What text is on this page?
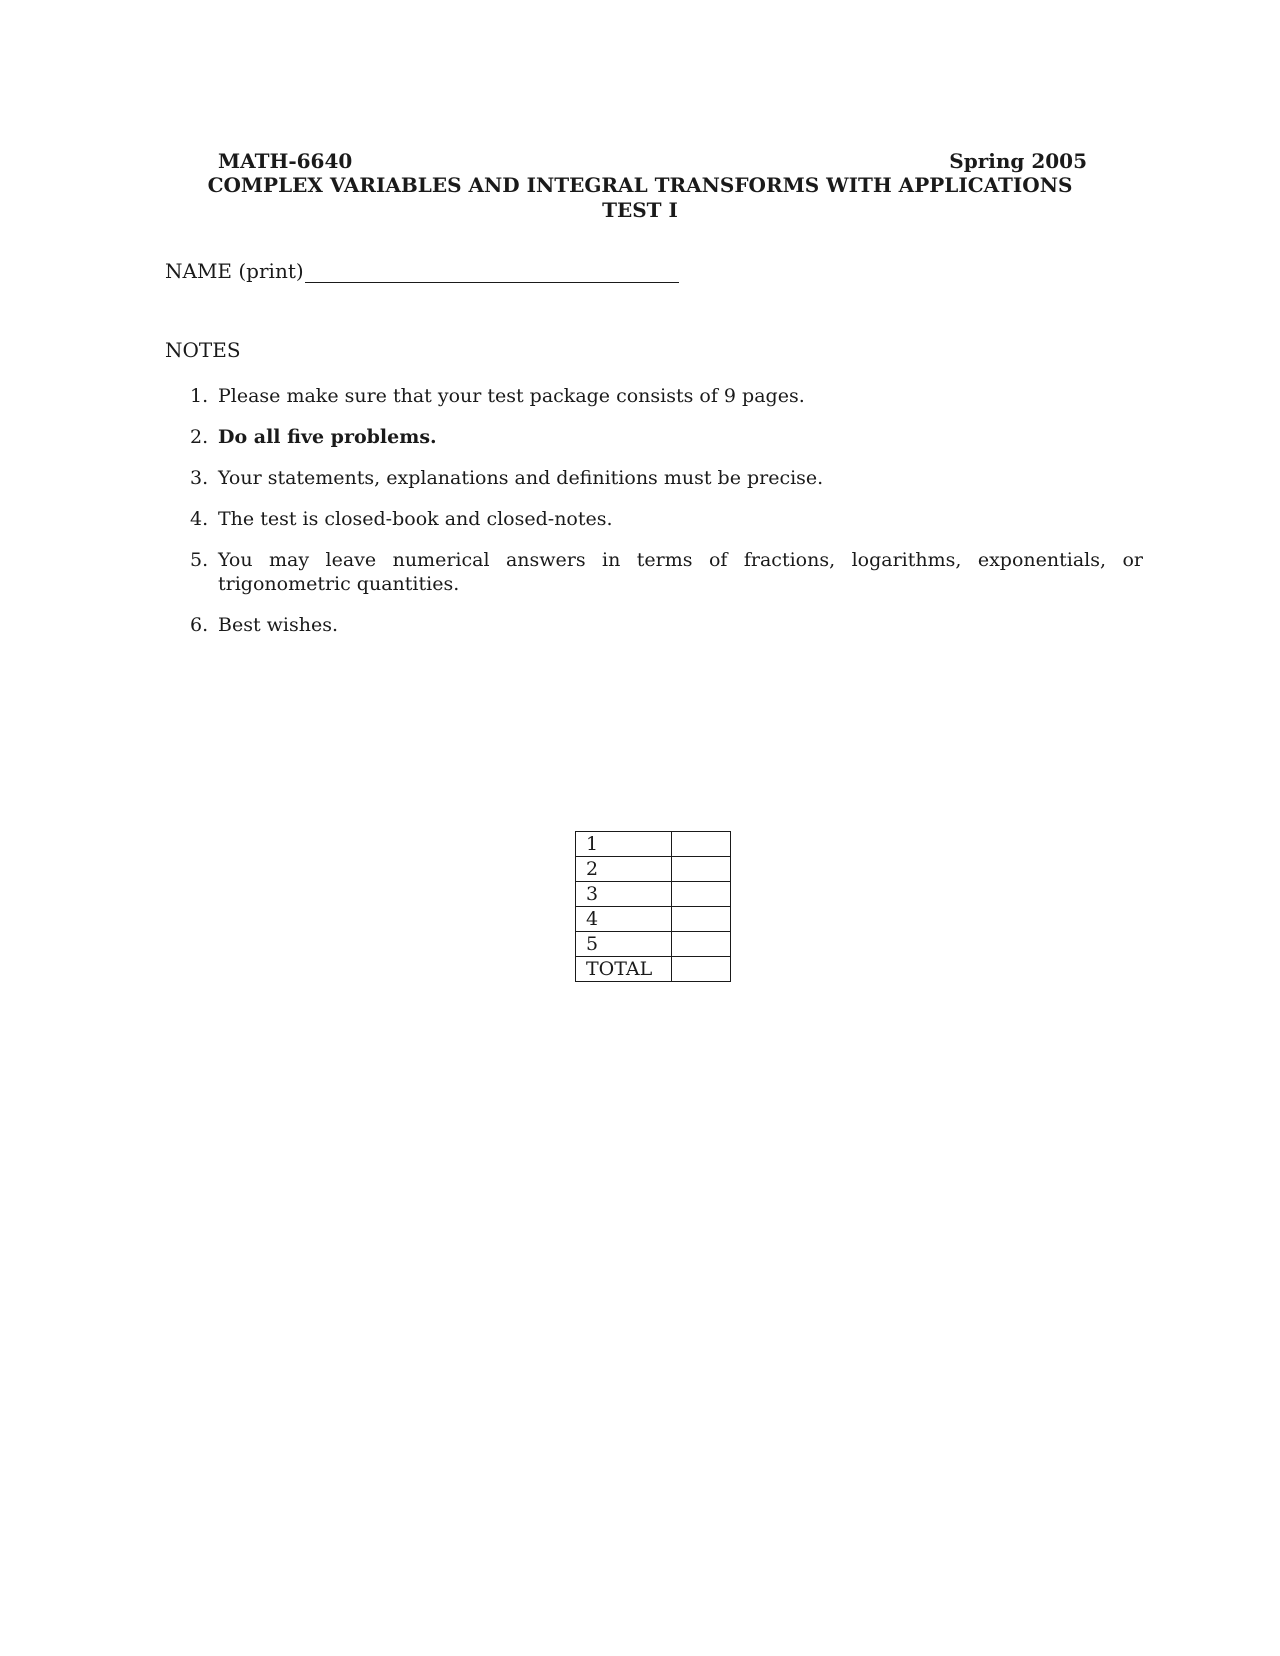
MATH-6640	Spring 2005
COMPLEX VARIABLES AND INTEGRAL TRANSFORMS WITH APPLICATIONS
TEST I
NAME (print)
NOTES
1. Please make sure that your test package consists of 9 pages.
2. Do all five problems.
3. Your statements, explanations and definitions must be precise.
4. The test is closed-book and closed-notes.
5. You may leave numerical answers in terms of fractions, logarithms, exponentials, or trigonometric quantities.
6. Best wishes.
1	
2	
3	
4	
5	
TOTAL	
